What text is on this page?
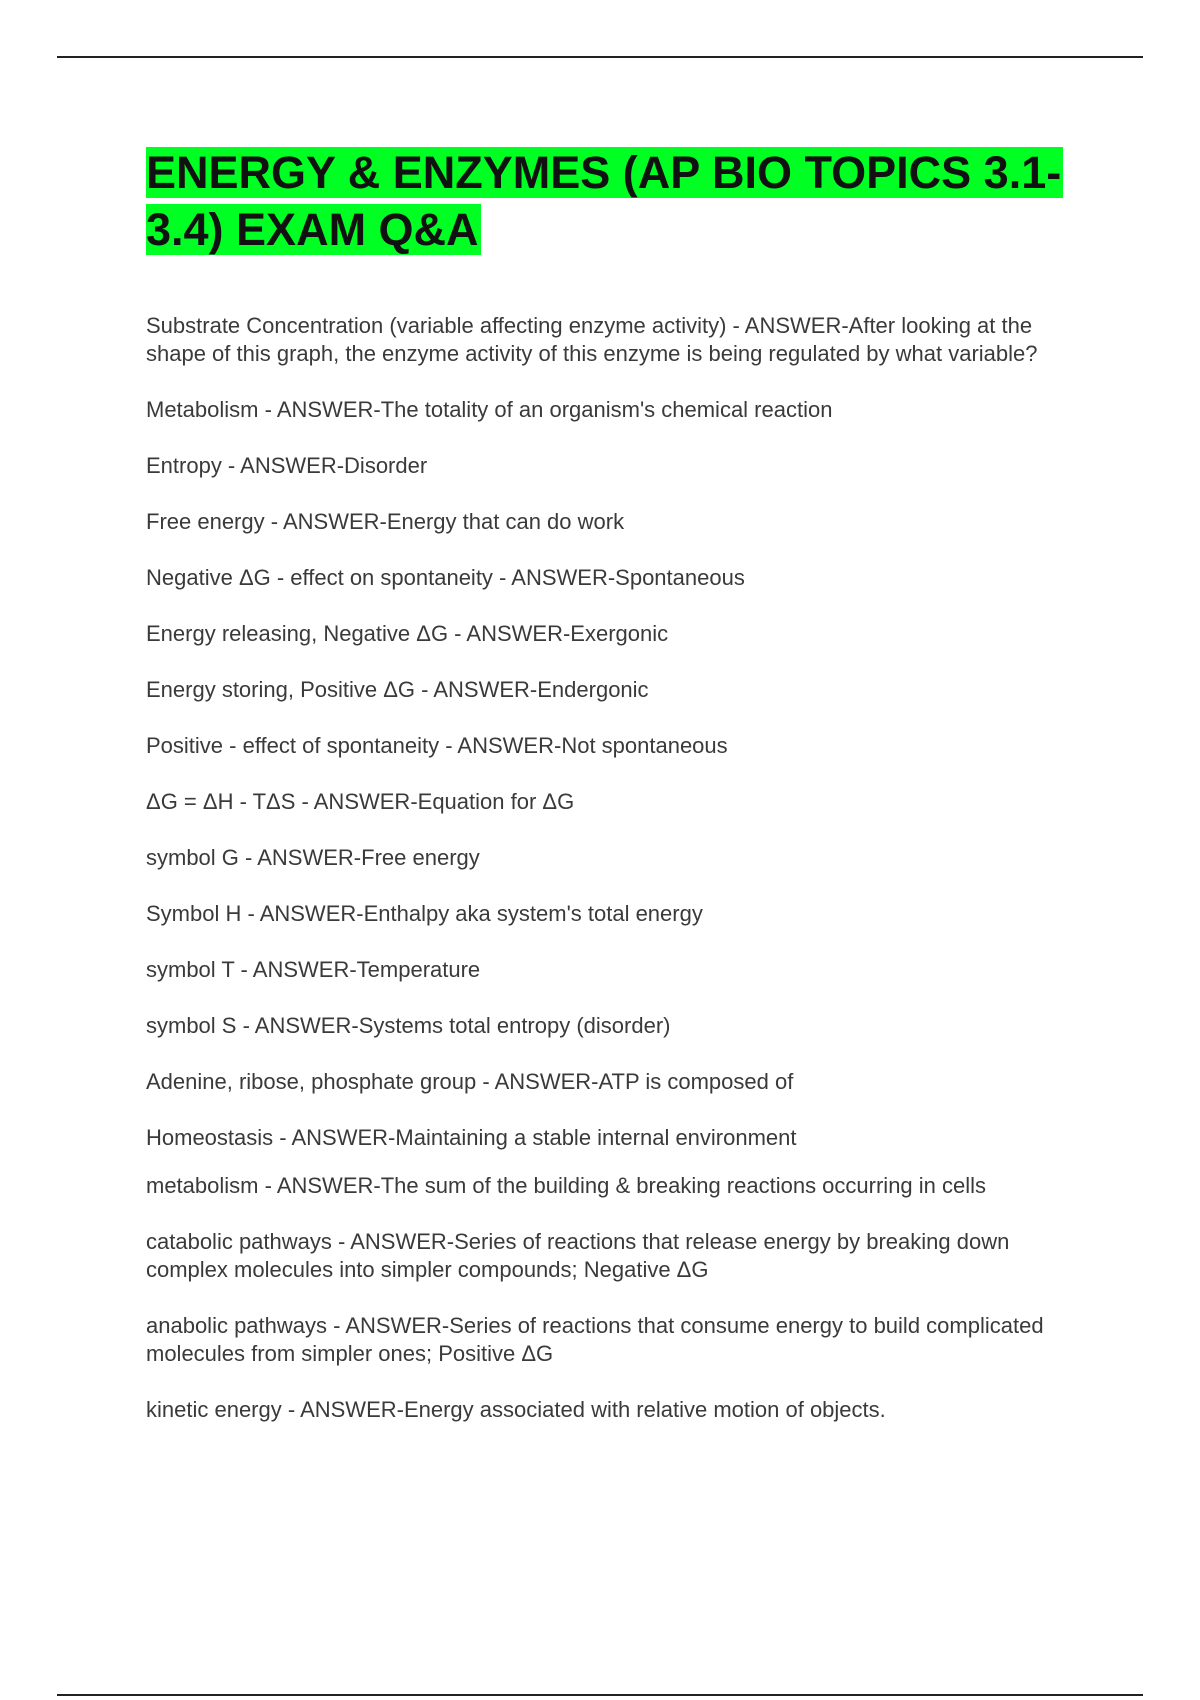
ENERGY & ENZYMES (AP BIO TOPICS 3.1-3.4) EXAM Q&A
Substrate Concentration (variable affecting enzyme activity) - ANSWER-After looking at the shape of this graph, the enzyme activity of this enzyme is being regulated by what variable?
Metabolism - ANSWER-The totality of an organism's chemical reaction
Entropy - ANSWER-Disorder
Free energy - ANSWER-Energy that can do work
Negative ΔG - effect on spontaneity - ANSWER-Spontaneous
Energy releasing, Negative ΔG - ANSWER-Exergonic
Energy storing, Positive ΔG - ANSWER-Endergonic
Positive - effect of spontaneity - ANSWER-Not spontaneous
ΔG = ΔH - TΔS - ANSWER-Equation for ΔG
symbol G - ANSWER-Free energy
Symbol H - ANSWER-Enthalpy aka system's total energy
symbol T - ANSWER-Temperature
symbol S - ANSWER-Systems total entropy (disorder)
Adenine, ribose, phosphate group - ANSWER-ATP is composed of
Homeostasis - ANSWER-Maintaining a stable internal environment
metabolism - ANSWER-The sum of the building & breaking reactions occurring in cells
catabolic pathways - ANSWER-Series of reactions that release energy by breaking down complex molecules into simpler compounds; Negative ΔG
anabolic pathways - ANSWER-Series of reactions that consume energy to build complicated molecules from simpler ones; Positive ΔG
kinetic energy - ANSWER-Energy associated with relative motion of objects.
